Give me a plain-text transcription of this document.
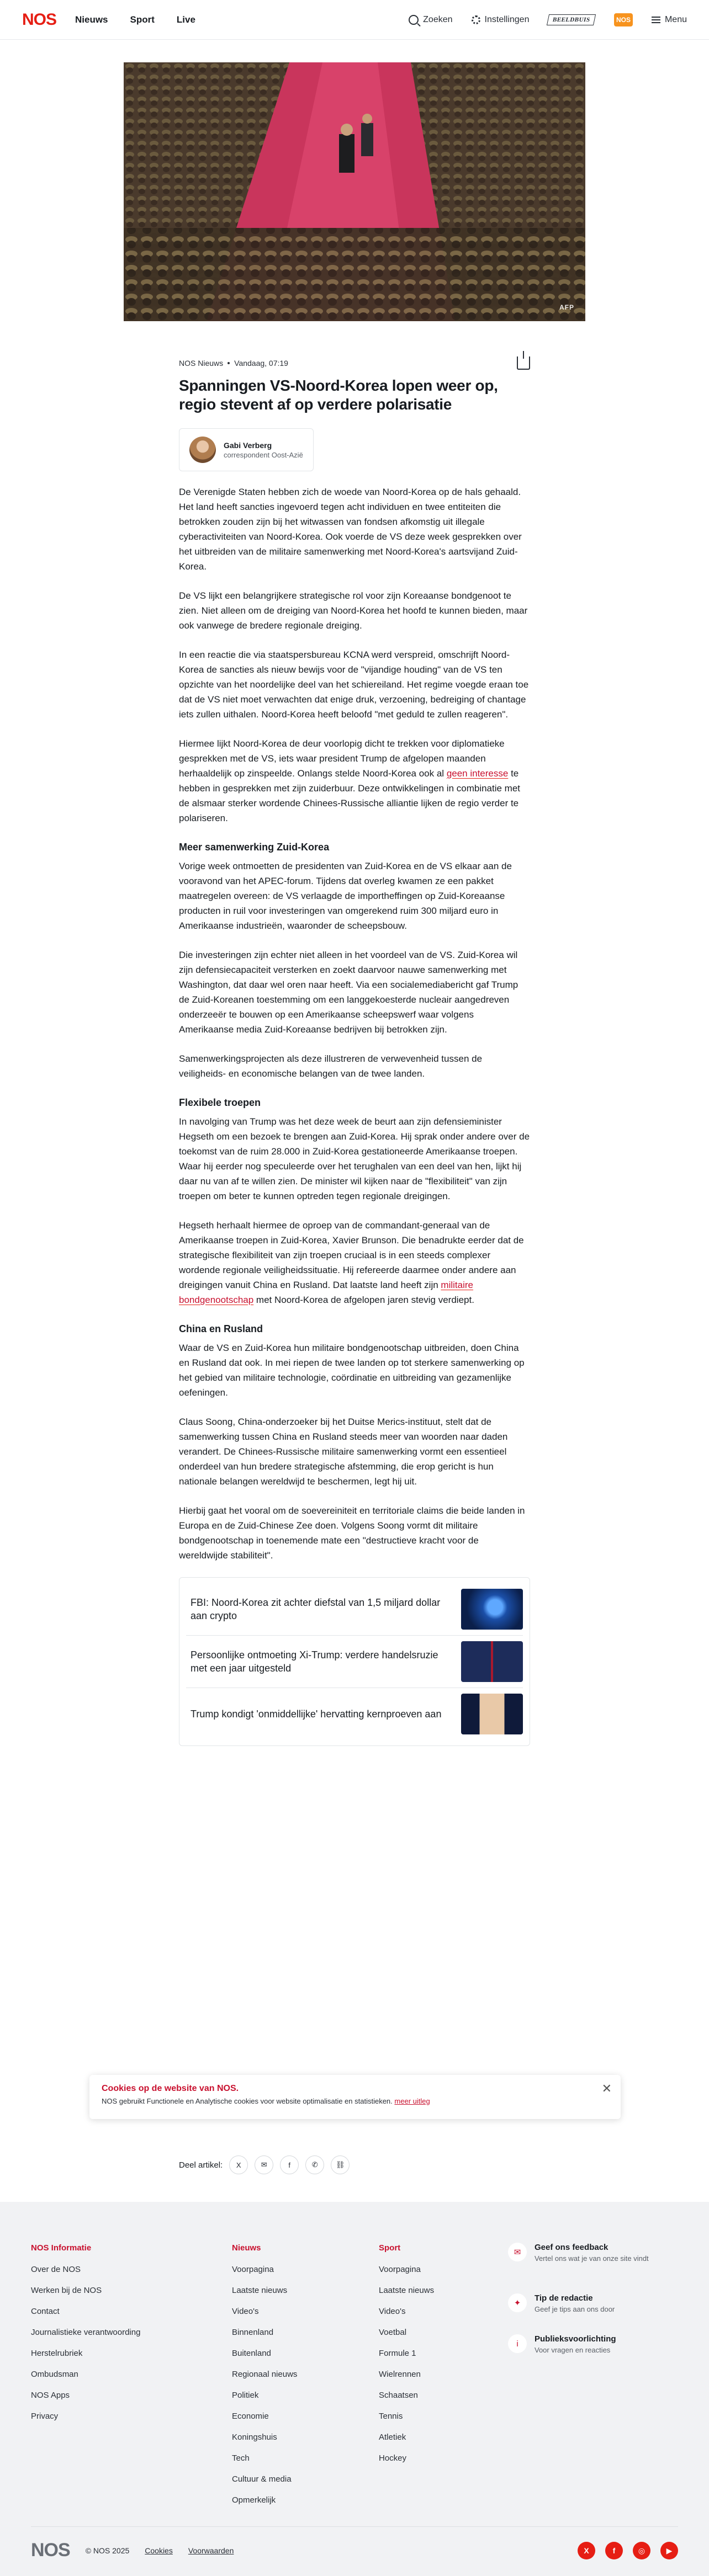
NOS Nieuws Sport Live	Zoeken	Instellingen	BEELDBUIS	NOS	Menu
AFP
NOS Nieuws Vandaag, 07:19
Spanningen VS-Noord-Korea lopen weer op, regio stevent af op verdere polarisatie
Gabi Verberg
correspondent Oost-Azië

De Verenigde Staten hebben zich de woede van Noord-Korea op de hals gehaald. Het land heeft sancties ingevoerd tegen acht individuen en twee entiteiten die betrokken zouden zijn bij het witwassen van fondsen afkomstig uit illegale cyberactiviteiten van Noord-Korea. Ook voerde de VS deze week gesprekken over het uitbreiden van de militaire samenwerking met Noord-Korea's aartsvijand Zuid-Korea.

De VS lijkt een belangrijkere strategische rol voor zijn Koreaanse bondgenoot te zien. Niet alleen om de dreiging van Noord-Korea het hoofd te kunnen bieden, maar ook vanwege de bredere regionale dreiging.

In een reactie die via staatspersbureau KCNA werd verspreid, omschrijft Noord-Korea de sancties als nieuw bewijs voor de "vijandige houding" van de VS ten opzichte van het noordelijke deel van het schiereiland. Het regime voegde eraan toe dat de VS niet moet verwachten dat enige druk, verzoening, bedreiging of chantage iets zullen uithalen. Noord-Korea heeft beloofd "met geduld te zullen reageren".

Hiermee lijkt Noord-Korea de deur voorlopig dicht te trekken voor diplomatieke gesprekken met de VS, iets waar president Trump de afgelopen maanden herhaaldelijk op zinspeelde. Onlangs stelde Noord-Korea ook al geen interesse te hebben in gesprekken met zijn zuiderbuur. Deze ontwikkelingen in combinatie met de alsmaar sterker wordende Chinees-Russische alliantie lijken de regio verder te polariseren.

Meer samenwerking Zuid-Korea

Vorige week ontmoetten de presidenten van Zuid-Korea en de VS elkaar aan de vooravond van het APEC-forum. Tijdens dat overleg kwamen ze een pakket maatregelen overeen: de VS verlaagde de importheffingen op Zuid-Koreaanse producten in ruil voor investeringen van omgerekend ruim 300 miljard euro in Amerikaanse industrieën, waaronder de scheepsbouw.

Die investeringen zijn echter niet alleen in het voordeel van de VS. Zuid-Korea wil zijn defensiecapaciteit versterken en zoekt daarvoor nauwe samenwerking met Washington, dat daar wel oren naar heeft. Via een socialemediabericht gaf Trump de Zuid-Koreanen toestemming om een langgekoesterde nucleair aangedreven onderzeeër te bouwen op een Amerikaanse scheepswerf waar volgens Amerikaanse media Zuid-Koreaanse bedrijven bij betrokken zijn.

Samenwerkingsprojecten als deze illustreren de verwevenheid tussen de veiligheids- en economische belangen van de twee landen.

Flexibele troepen

In navolging van Trump was het deze week de beurt aan zijn defensieminister Hegseth om een bezoek te brengen aan Zuid-Korea. Hij sprak onder andere over de toekomst van de ruim 28.000 in Zuid-Korea gestationeerde Amerikaanse troepen. Waar hij eerder nog speculeerde over het terughalen van een deel van hen, lijkt hij daar nu van af te willen zien. De minister wil kijken naar de "flexibiliteit" van zijn troepen om beter te kunnen optreden tegen regionale dreigingen.

Hegseth herhaalt hiermee de oproep van de commandant-generaal van de Amerikaanse troepen in Zuid-Korea, Xavier Brunson. Die benadrukte eerder dat de strategische flexibiliteit van zijn troepen cruciaal is in een steeds complexer wordende regionale veiligheidssituatie. Hij refereerde daarmee onder andere aan dreigingen vanuit China en Rusland. Dat laatste land heeft zijn militaire bondgenootschap met Noord-Korea de afgelopen jaren stevig verdiept.

China en Rusland

Waar de VS en Zuid-Korea hun militaire bondgenootschap uitbreiden, doen China en Rusland dat ook. In mei riepen de twee landen op tot sterkere samenwerking op het gebied van militaire technologie, coördinatie en uitbreiding van gezamenlijke oefeningen.

Claus Soong, China-onderzoeker bij het Duitse Merics-instituut, stelt dat de samenwerking tussen China en Rusland steeds meer van woorden naar daden verandert. De Chinees-Russische militaire samenwerking vormt een essentieel onderdeel van hun bredere strategische afstemming, die erop gericht is hun nationale belangen wereldwijd te beschermen, legt hij uit.

Hierbij gaat het vooral om de soevereiniteit en territoriale claims die beide landen in Europa en de Zuid-Chinese Zee doen. Volgens Soong vormt dit militaire bondgenootschap in toenemende mate een "destructieve kracht voor de wereldwijde stabiliteit".

FBI: Noord-Korea zit achter diefstal van 1,5 miljard dollar aan crypto
Persoonlijke ontmoeting Xi-Trump: verdere handelsruzie met een jaar uitgesteld
Trump kondigt 'onmiddellijke' hervatting kernproeven aan
Cookies op de website van NOS.
NOS gebruikt Functionele en Analytische cookies voor website optimalisatie en statistieken. meer uitleg
✕
Deel artikel:	X	✉	f	✆	⛓
NOS Informatie
Over de NOS
Werken bij de NOS
Contact
Journalistieke verantwoording
Herstelrubriek
Ombudsman
NOS Apps
Privacy
Nieuws
Voorpagina
Laatste nieuws
Video's
Binnenland
Buitenland
Regionaal nieuws
Politiek
Economie
Koningshuis
Tech
Cultuur & media
Opmerkelijk
Sport
Voorpagina
Laatste nieuws
Video's
Voetbal
Formule 1
Wielrennen
Schaatsen
Tennis
Atletiek
Hockey
✉
Geef ons feedback
Vertel ons wat je van onze site vindt
✦
Tip de redactie
Geef je tips aan ons door
i	Publieksvoorlichting
Voor vragen en reacties
NOS © NOS 2025 Cookies Voorwaarden	X	f	◎	▶
